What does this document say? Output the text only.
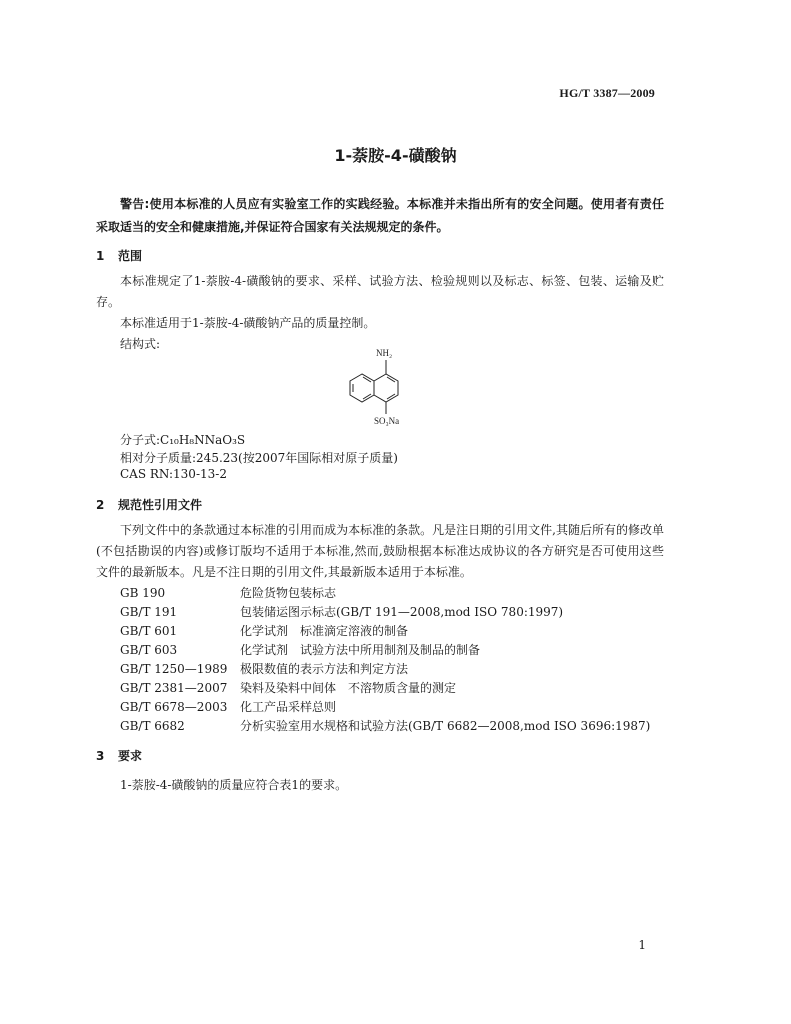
HG/T 3387—2009
1-萘胺-4-磺酸钠
警告:使用本标准的人员应有实验室工作的实践经验。本标准并未指出所有的安全问题。使用者有责任采取适当的安全和健康措施,并保证符合国家有关法规规定的条件。
1 范围
本标准规定了1-萘胺-4-磺酸钠的要求、采样、试验方法、检验规则以及标志、标签、包装、运输及贮存。
本标准适用于1-萘胺-4-磺酸钠产品的质量控制。
结构式:
NH₂
SO₃Na
分子式:C₁₀H₈NNaO₃S
相对分子质量:245.23(按2007年国际相对原子质量)
CAS RN:130-13-2
2 规范性引用文件
下列文件中的条款通过本标准的引用而成为本标准的条款。凡是注日期的引用文件,其随后所有的修改单(不包括勘误的内容)或修订版均不适用于本标准,然而,鼓励根据本标准达成协议的各方研究是否可使用这些文件的最新版本。凡是不注日期的引用文件,其最新版本适用于本标准。
GB 190	危险货物包装标志
GB/T 191	包装储运图示标志(GB/T 191—2008,mod ISO 780:1997)
GB/T 601	化学试剂　标准滴定溶液的制备
GB/T 603	化学试剂　试验方法中所用制剂及制品的制备
GB/T 1250—1989 极限数值的表示方法和判定方法
GB/T 2381—2007 染料及染料中间体　不溶物质含量的测定
GB/T 6678—2003 化工产品采样总则
GB/T 6682	分析实验室用水规格和试验方法(GB/T 6682—2008,mod ISO 3696:1987)
3 要求
1-萘胺-4-磺酸钠的质量应符合表1的要求。
1
